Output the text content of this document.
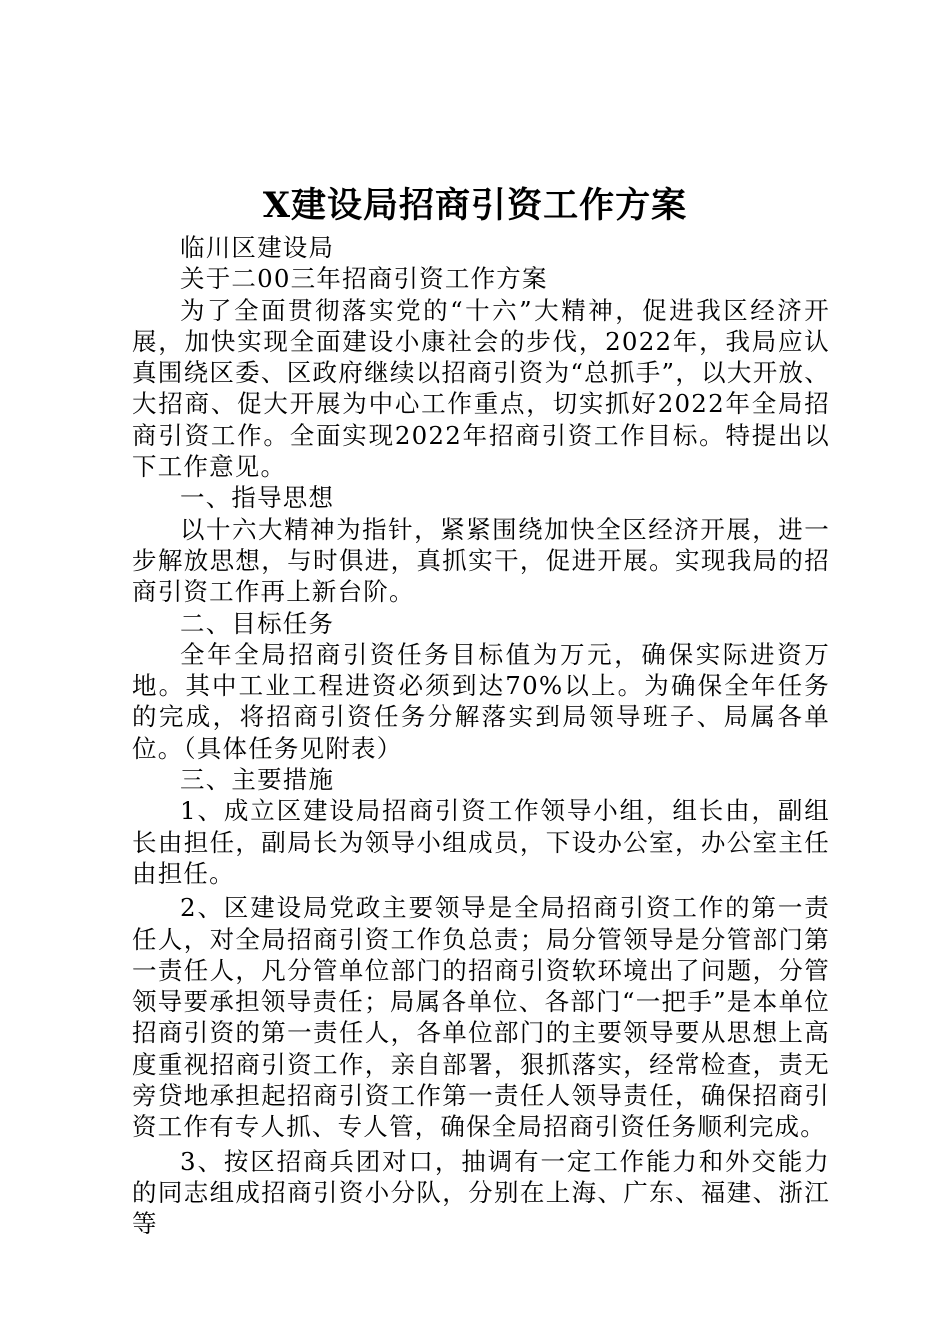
X建设局招商引资工作方案

临川区建设局

关于二00三年招商引资工作方案

为了全面贯彻落实党的“十六”大精神，促进我区经济开展，加快实现全面建设小康社会的步伐，2022年，我局应认真围绕区委、区政府继续以招商引资为“总抓手”，以大开放、大招商、促大开展为中心工作重点，切实抓好2022年全局招商引资工作。全面实现2022年招商引资工作目标。特提出以下工作意见。

一、指导思想

以十六大精神为指针，紧紧围绕加快全区经济开展，进一步解放思想，与时俱进，真抓实干，促进开展。实现我局的招商引资工作再上新台阶。

二、目标任务

全年全局招商引资任务目标值为万元，确保实际进资万地。其中工业工程进资必须到达70%以上。为确保全年任务的完成，将招商引资任务分解落实到局领导班子、局属各单位。（具体任务见附表）

三、主要措施

1、成立区建设局招商引资工作领导小组，组长由，副组长由担任，副局长为领导小组成员，下设办公室，办公室主任由担任。

2、区建设局党政主要领导是全局招商引资工作的第一责任人，对全局招商引资工作负总责；局分管领导是分管部门第一责任人，凡分管单位部门的招商引资软环境出了问题，分管领导要承担领导责任；局属各单位、各部门“一把手”是本单位招商引资的第一责任人，各单位部门的主要领导要从思想上高度重视招商引资工作，亲自部署，狠抓落实，经常检查，责无旁贷地承担起招商引资工作第一责任人领导责任，确保招商引资工作有专人抓、专人管，确保全局招商引资任务顺利完成。

3、按区招商兵团对口，抽调有一定工作能力和外交能力的同志组成招商引资小分队，分别在上海、广东、福建、浙江等
